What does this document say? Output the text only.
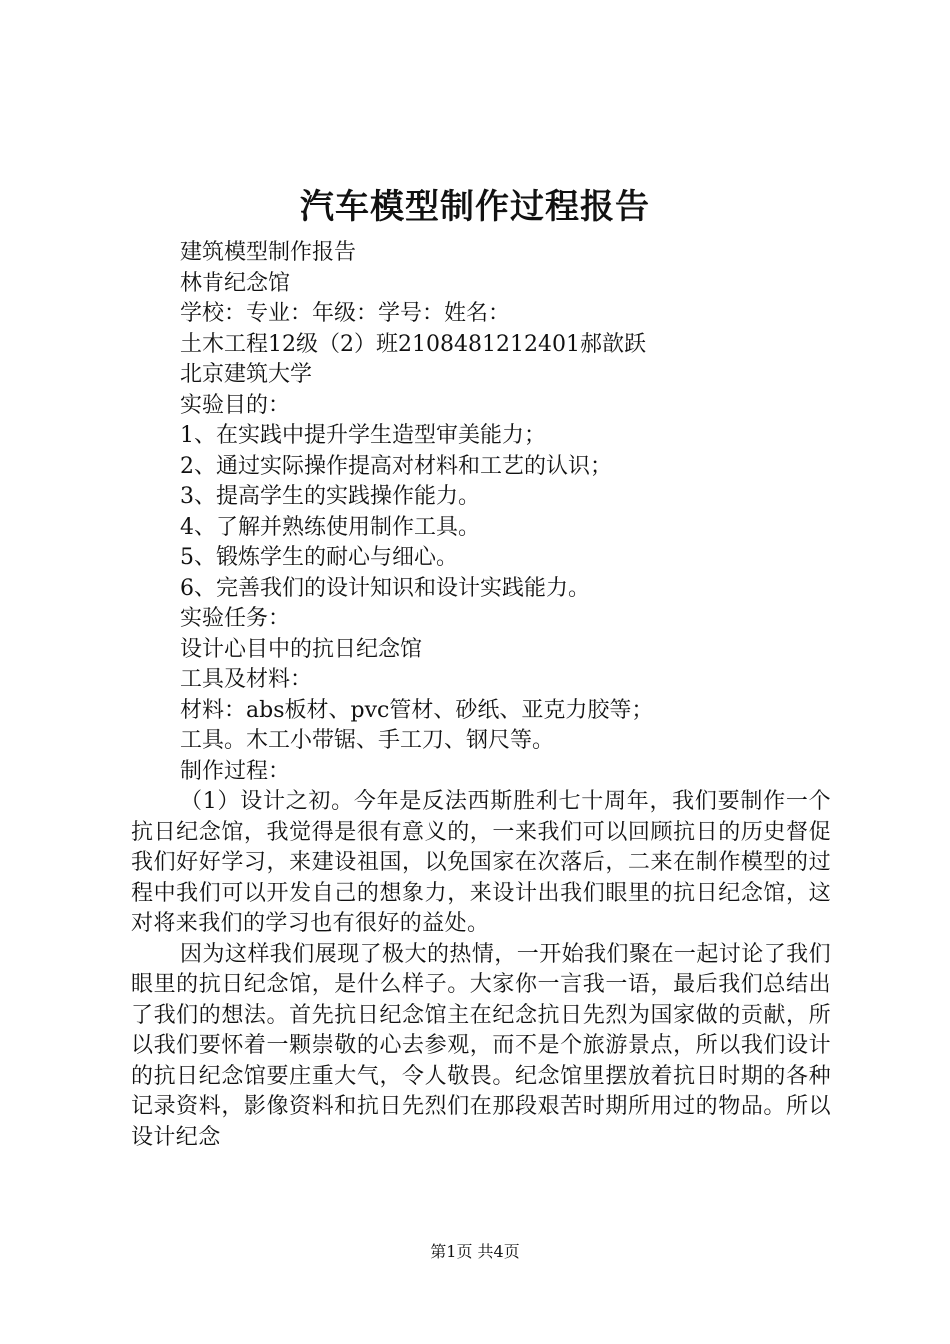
汽车模型制作过程报告

建筑模型制作报告

林肯纪念馆

学校：专业：年级：学号：姓名：

土木工程12级（2）班2108481212401郝歆跃

北京建筑大学

实验目的：

1、在实践中提升学生造型审美能力；

2、通过实际操作提高对材料和工艺的认识；

3、提高学生的实践操作能力。

4、了解并熟练使用制作工具。

5、锻炼学生的耐心与细心。

6、完善我们的设计知识和设计实践能力。

实验任务：

设计心目中的抗日纪念馆

工具及材料：

材料：abs板材、pvc管材、砂纸、亚克力胶等；

工具。木工小带锯、手工刀、钢尺等。

制作过程：

（1）设计之初。今年是反法西斯胜利七十周年，我们要制作一个抗日纪念馆，我觉得是很有意义的，一来我们可以回顾抗日的历史督促我们好好学习，来建设祖国，以免国家在次落后，二来在制作模型的过程中我们可以开发自己的想象力，来设计出我们眼里的抗日纪念馆，这对将来我们的学习也有很好的益处。

因为这样我们展现了极大的热情，一开始我们聚在一起讨论了我们眼里的抗日纪念馆，是什么样子。大家你一言我一语，最后我们总结出了我们的想法。首先抗日纪念馆主在纪念抗日先烈为国家做的贡献，所以我们要怀着一颗崇敬的心去参观，而不是个旅游景点，所以我们设计的抗日纪念馆要庄重大气，令人敬畏。纪念馆里摆放着抗日时期的各种记录资料，影像资料和抗日先烈们在那段艰苦时期所用过的物品。所以设计纪念

第1页 共4页
